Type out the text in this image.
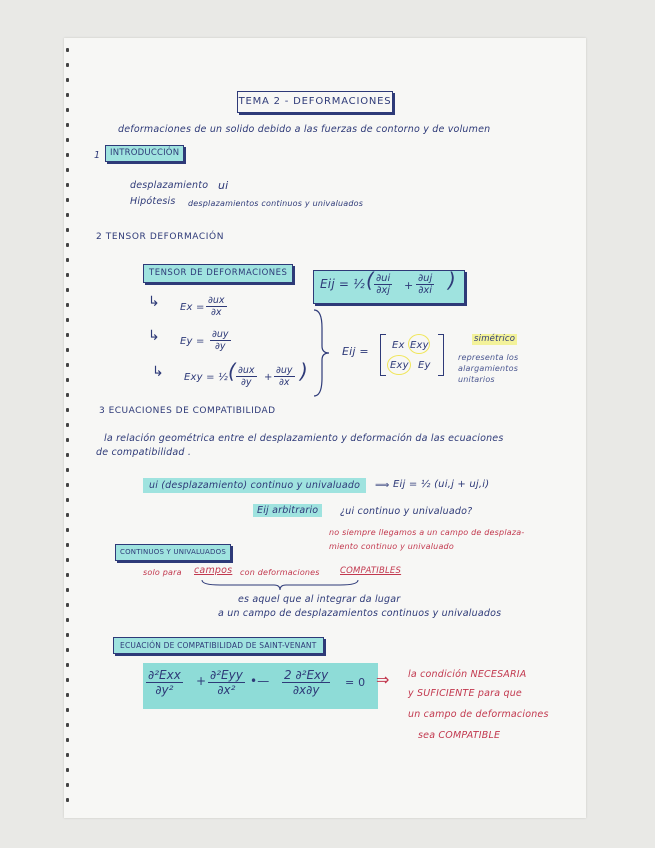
TEMA 2 - DEFORMACIONES
deformaciones de un solido debido a las fuerzas de contorno y de volumen
1	INTRODUCCIÓN
desplazamiento ui
Hipótesis desplazamientos continuos y univaluados
2 TENSOR DEFORMACIÓN
TENSOR DE DEFORMACIONES
Eij = ½ ( $\frac{\partial ui}{\partial xj} + \frac{\partial uj}{\partial xi}$ )
↳ $Ex = \frac{\partial ux}{\partial x}$
↳ $Ey = \frac{\partial uy}{\partial y}$
↳ Exy = ½ ( $\frac{\partial ux}{\partial y} + \frac{\partial uy}{\partial x}$ )
Eij = Ex Exy
Exy Ey
simétrico
representa los alargamientos unitarios
3 ECUACIONES DE COMPATIBILIDAD
la relación geométrica entre el desplazamiento y deformación da las ecuaciones
de compatibilidad .
ui (desplazamiento) continuo y univaluado	⟹ Eij = ½ (ui,j + uj,i)
Eij arbitrario	¿ui continuo y univaluado?
no siempre llegamos a un campo de desplaza-
miento continuo y univaluado
CONTINUOS Y UNIVALUADOS
solo para campos con deformaciones COMPATIBLES
es aquel que al integrar da lugar
a un campo de desplazamientos continuos y univaluados
ECUACIÓN DE COMPATIBILIDAD DE SAINT-VENANT
∂²Exx
∂y²
+ ∂²Eyy
∂x²
•— 2 ∂²Exy
∂x∂y
= 0 ⇒ la condición NECESARIA
y SUFICIENTE para que
un campo de deformaciones
sea COMPATIBLE
